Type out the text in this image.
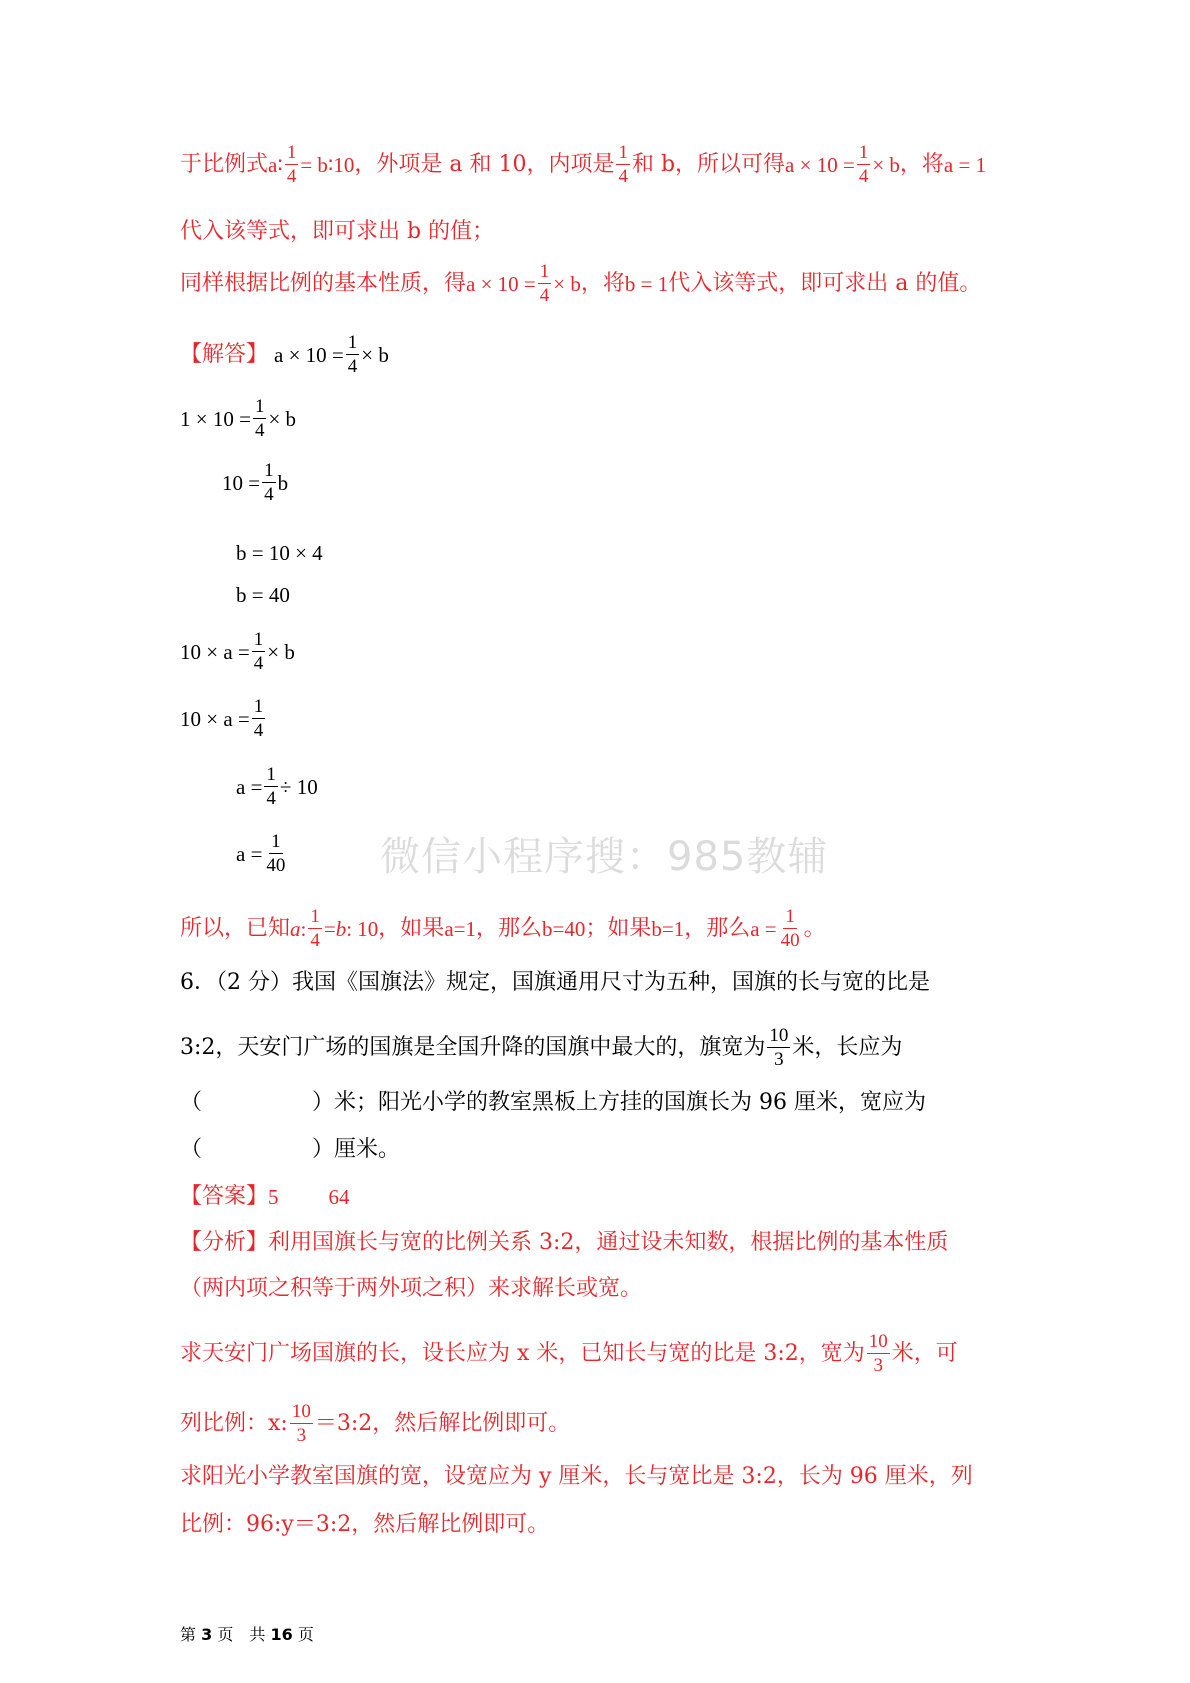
于比例式 a∶ $\frac{1}{4}$ = b∶10 ，外项是 a 和 10，内项是 $\frac{1}{4}$ 和 b，所以可得 $a \times 10 = \frac{1}{4} \times b$ ，将 a = 1
代入该等式，即可求出 b 的值；
同样根据比例的基本性质，得 $a \times 10 = \frac{1}{4} \times b$ ，将 b = 1 代入该等式，即可求出 a 的值。
【解答】 $a \times 10 = \frac{1}{4} \times b$
$1 \times 10 = \frac{1}{4} \times b$
$10 = \frac{1}{4}$ b
b = 10 × 4
b = 40
$10 \times a = \frac{1}{4} \times b$
$10 \times a = \frac{1}{4}$
$a = \frac{1}{4} \div 10$
$a = \frac{1}{40}$ 微信小程序搜：985教辅
所以，已知 a : $\frac{1}{4} = b$ : 10 ，如果 a=1 ，那么 b=40 ；如果 b=1 ，那么 $a = \frac{1}{40}$ 。
6．（2 分）我国《国旗法》规定，国旗通用尺寸为五种，国旗的长与宽的比是
3:2，天安门广场的国旗是全国升降的国旗中最大的，旗宽为 $\frac{10}{3}$ 米，长应为
（　　　　　）米；阳光小学的教室黑板上方挂的国旗长为 96 厘米，宽应为
（　　　　　）厘米。
【答案】 5 64
【分析】利用国旗长与宽的比例关系 3:2，通过设未知数，根据比例的基本性质
（两内项之积等于两外项之积）来求解长或宽。
求天安门广场国旗的长，设长应为 x 米，已知长与宽的比是 3:2，宽为 $\frac{10}{3}$ 米，可
列比例：x: $\frac{10}{3}$ ＝3:2，然后解比例即可。
求阳光小学教室国旗的宽，设宽应为 y 厘米，长与宽比是 3:2，长为 96 厘米，列
比例：96:y＝3:2，然后解比例即可。
第 3 页　共 16 页
